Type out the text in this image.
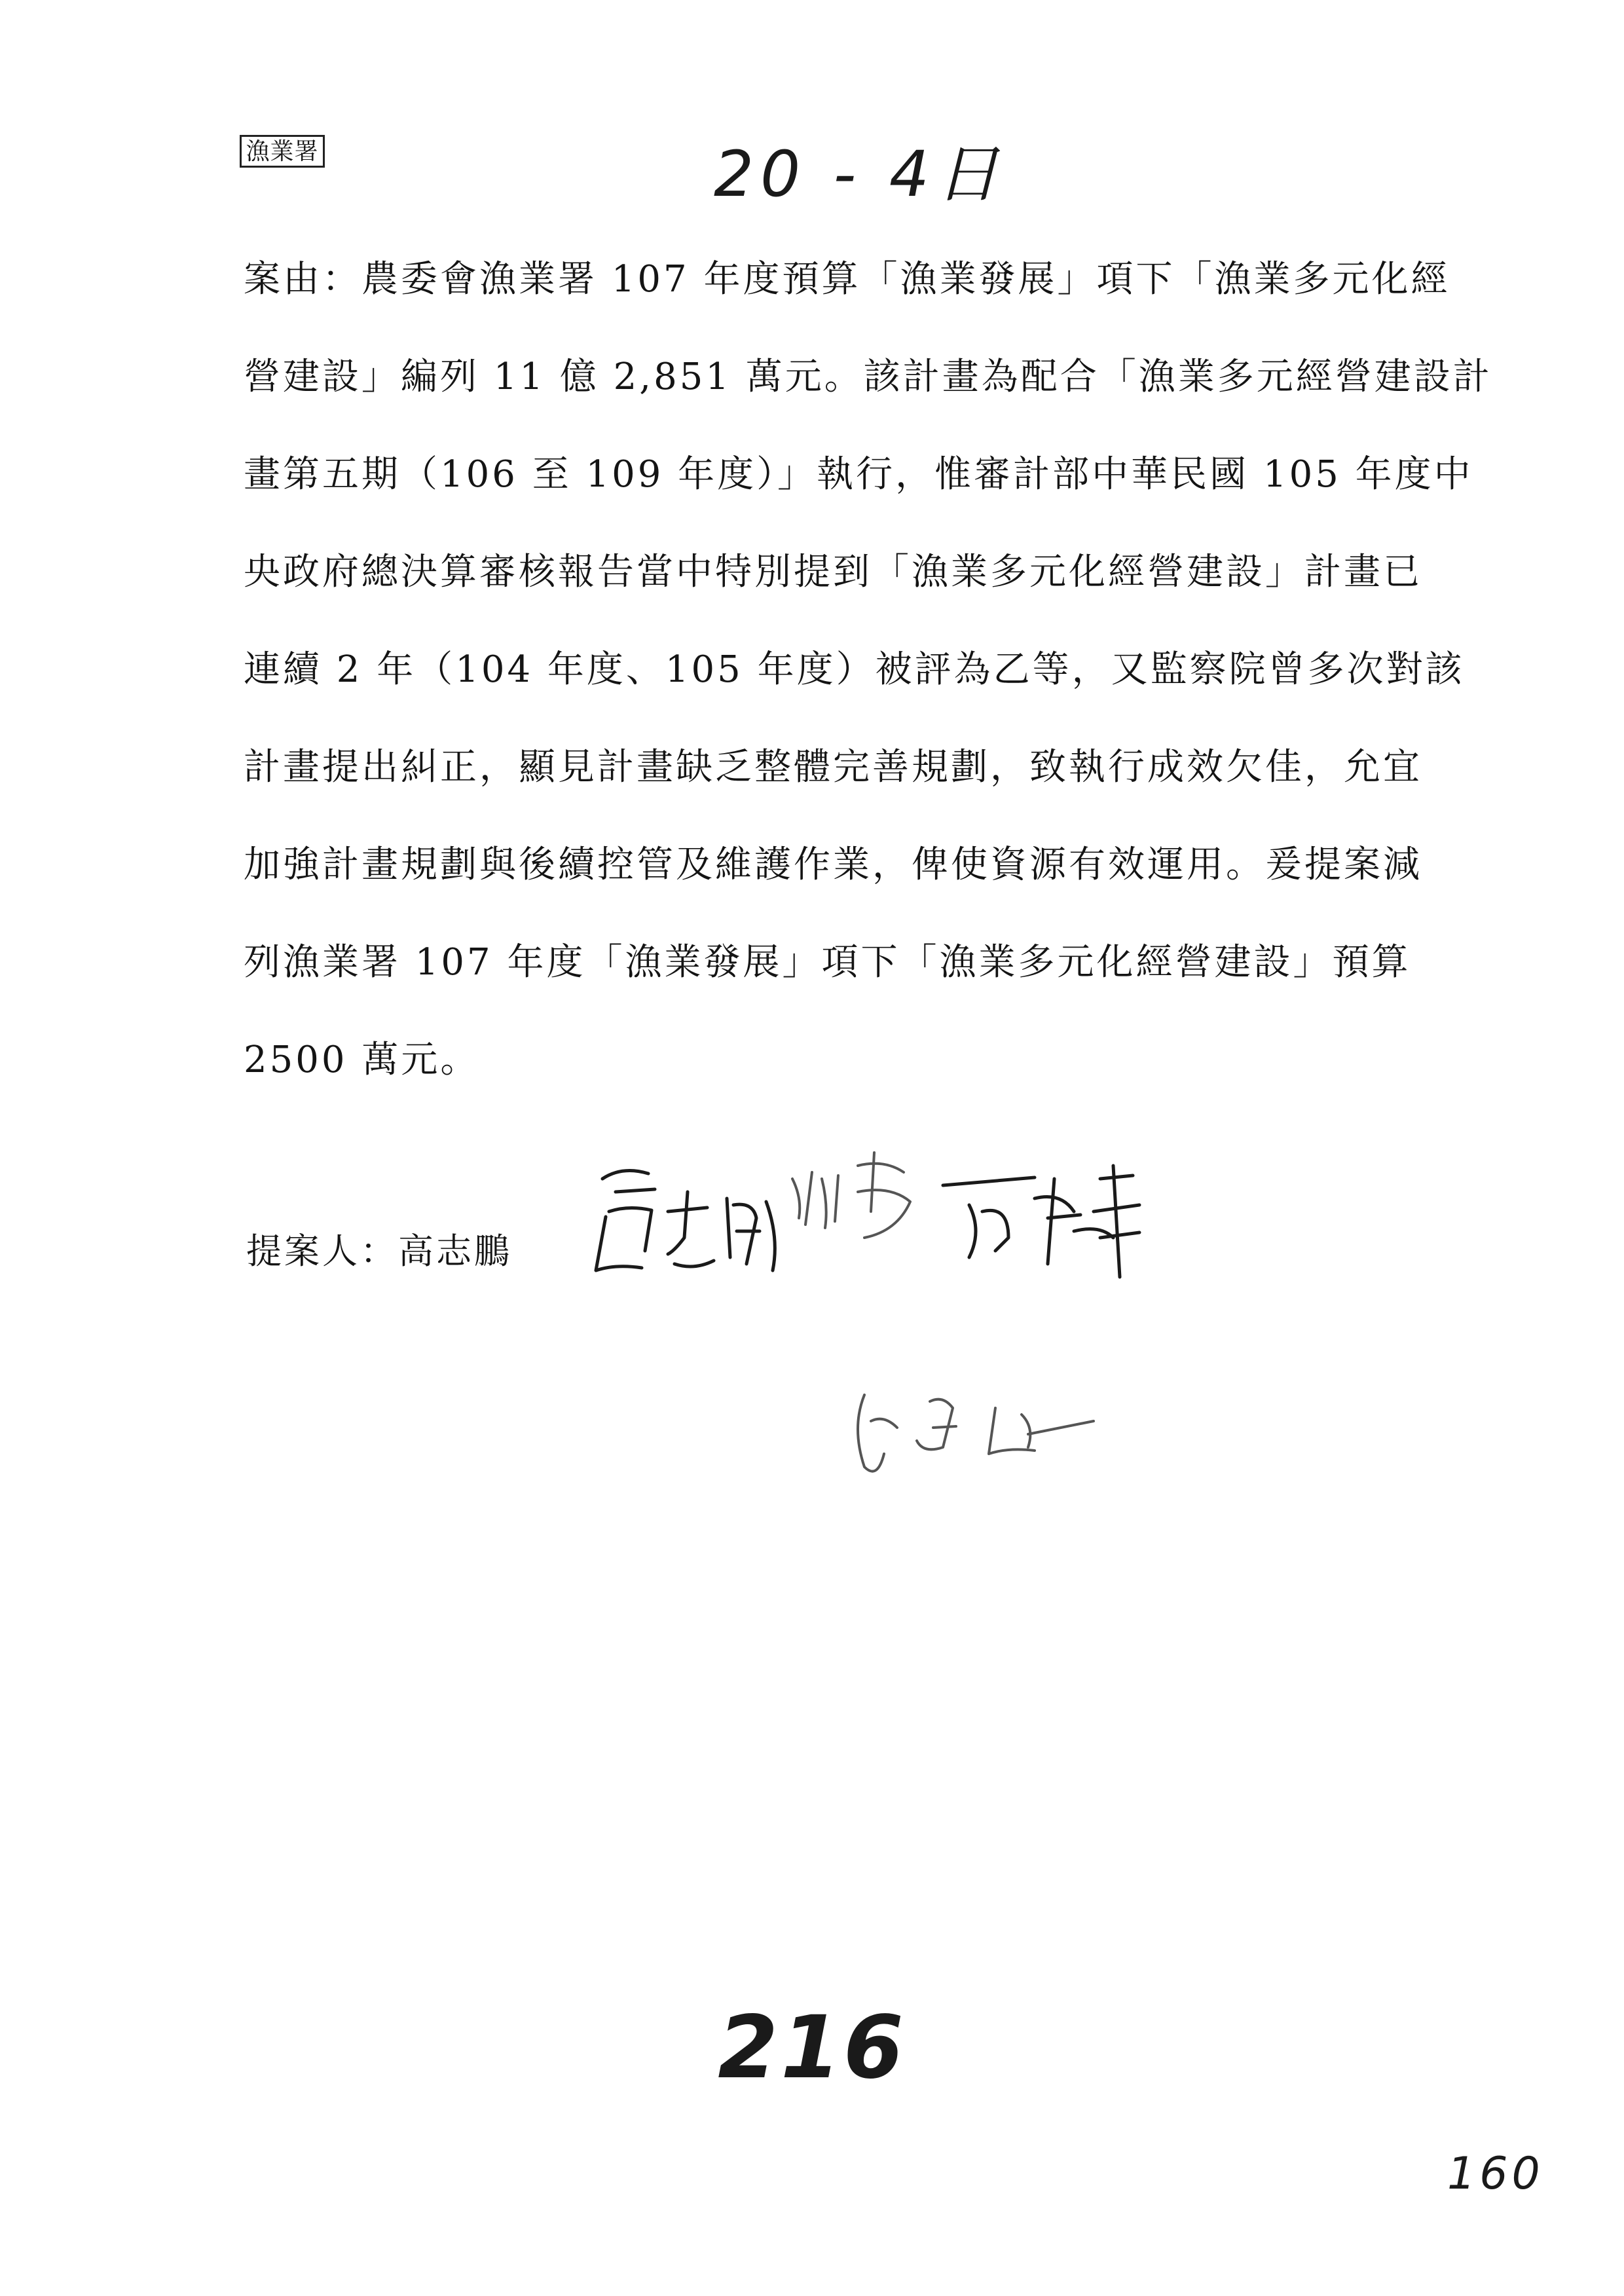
漁業署	20 - 4日
案由：農委會漁業署 107 年度預算「漁業發展」項下「漁業多元化經
營建設」編列 11 億 2,851 萬元。該計畫為配合「漁業多元經營建設計
畫第五期（106 至 109 年度）」執行，惟審計部中華民國 105 年度中
央政府總決算審核報告當中特別提到「漁業多元化經營建設」計畫已
連續 2 年（104 年度、105 年度）被評為乙等，又監察院曾多次對該
計畫提出糾正，顯見計畫缺乏整體完善規劃，致執行成效欠佳，允宜
加強計畫規劃與後續控管及維護作業，俾使資源有效運用。爰提案減
列漁業署 107 年度「漁業發展」項下「漁業多元化經營建設」預算
2500 萬元。
提案人：高志鵬
216
160
